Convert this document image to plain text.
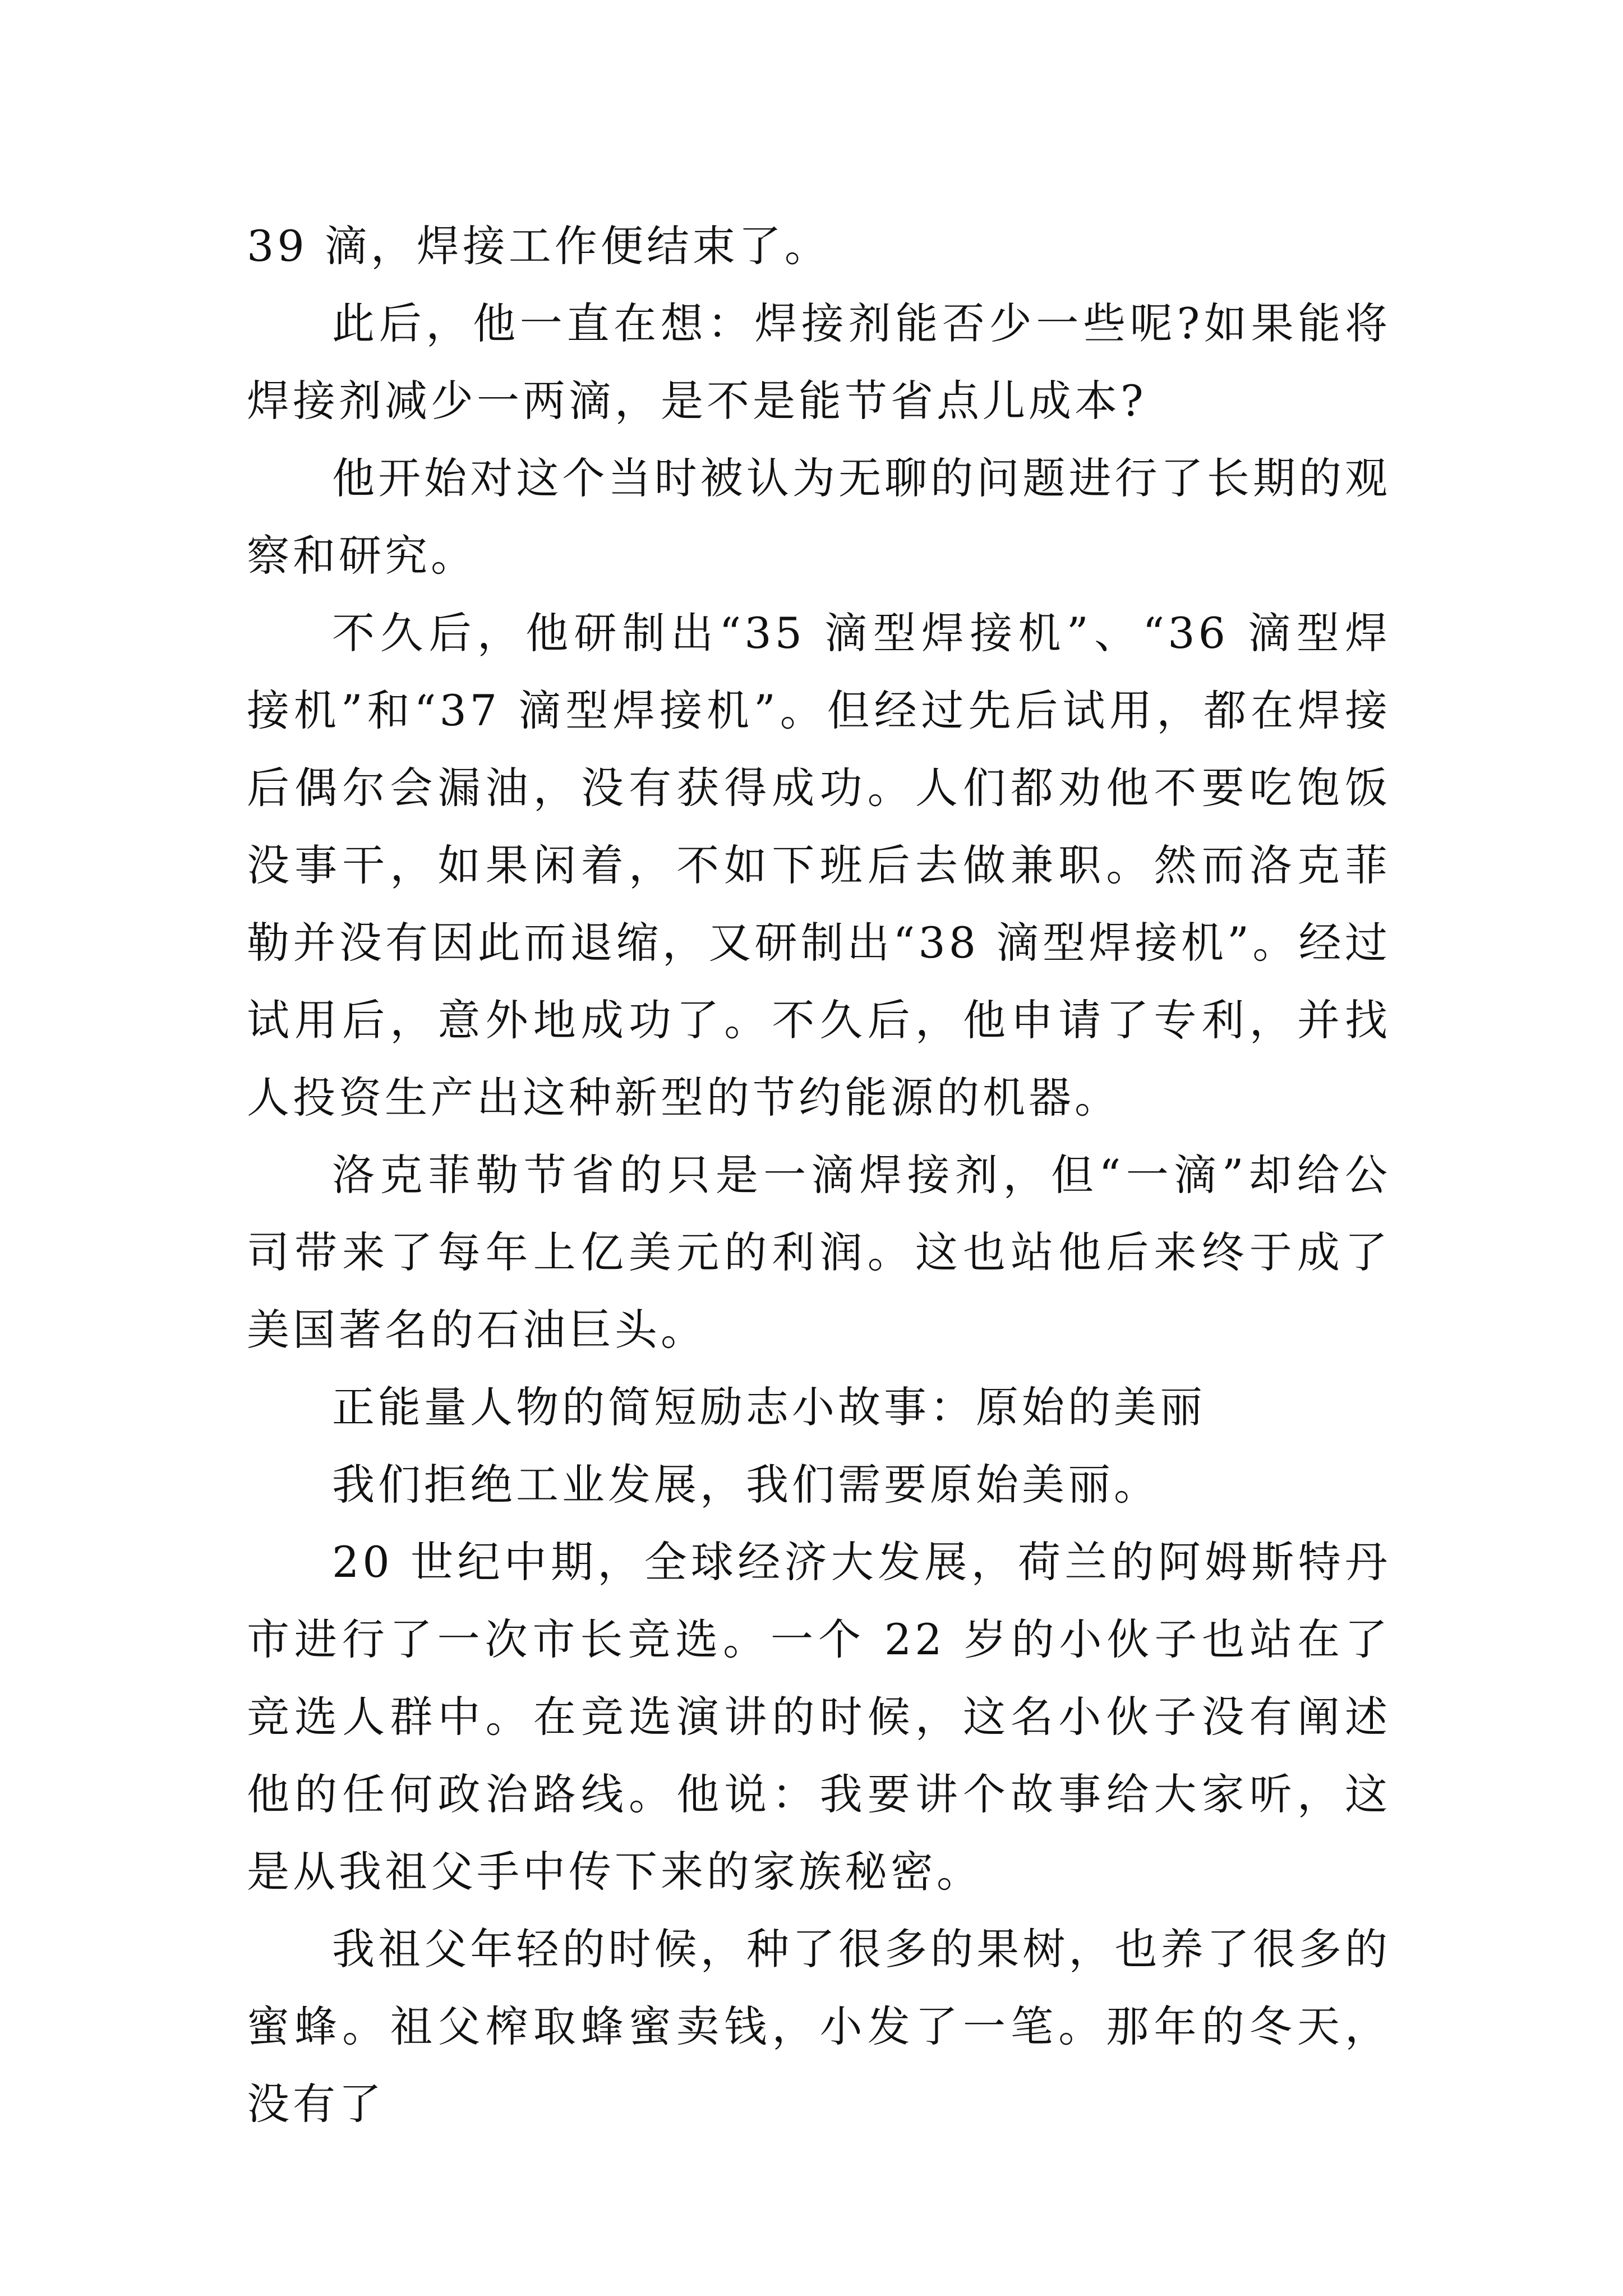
39 滴，焊接工作便结束了。

此后，他一直在想：焊接剂能否少一些呢?如果能将焊接剂减少一两滴，是不是能节省点儿成本?

他开始对这个当时被认为无聊的问题进行了长期的观察和研究。

不久后，他研制出“35 滴型焊接机”、“36 滴型焊接机”和“37 滴型焊接机”。但经过先后试用，都在焊接后偶尔会漏油，没有获得成功。人们都劝他不要吃饱饭没事干，如果闲着，不如下班后去做兼职。然而洛克菲勒并没有因此而退缩，又研制出“38 滴型焊接机”。经过试用后，意外地成功了。不久后，他申请了专利，并找人投资生产出这种新型的节约能源的机器。

洛克菲勒节省的只是一滴焊接剂，但“一滴”却给公司带来了每年上亿美元的利润。这也站他后来终于成了美国著名的石油巨头。

正能量人物的简短励志小故事：原始的美丽

我们拒绝工业发展，我们需要原始美丽。

20 世纪中期，全球经济大发展，荷兰的阿姆斯特丹市进行了一次市长竞选。一个 22 岁的小伙子也站在了竞选人群中。在竞选演讲的时候，这名小伙子没有阐述他的任何政治路线。他说：我要讲个故事给大家听，这是从我祖父手中传下来的家族秘密。

我祖父年轻的时候，种了很多的果树，也养了很多的蜜蜂。祖父榨取蜂蜜卖钱，小发了一笔。那年的冬天，没有了
